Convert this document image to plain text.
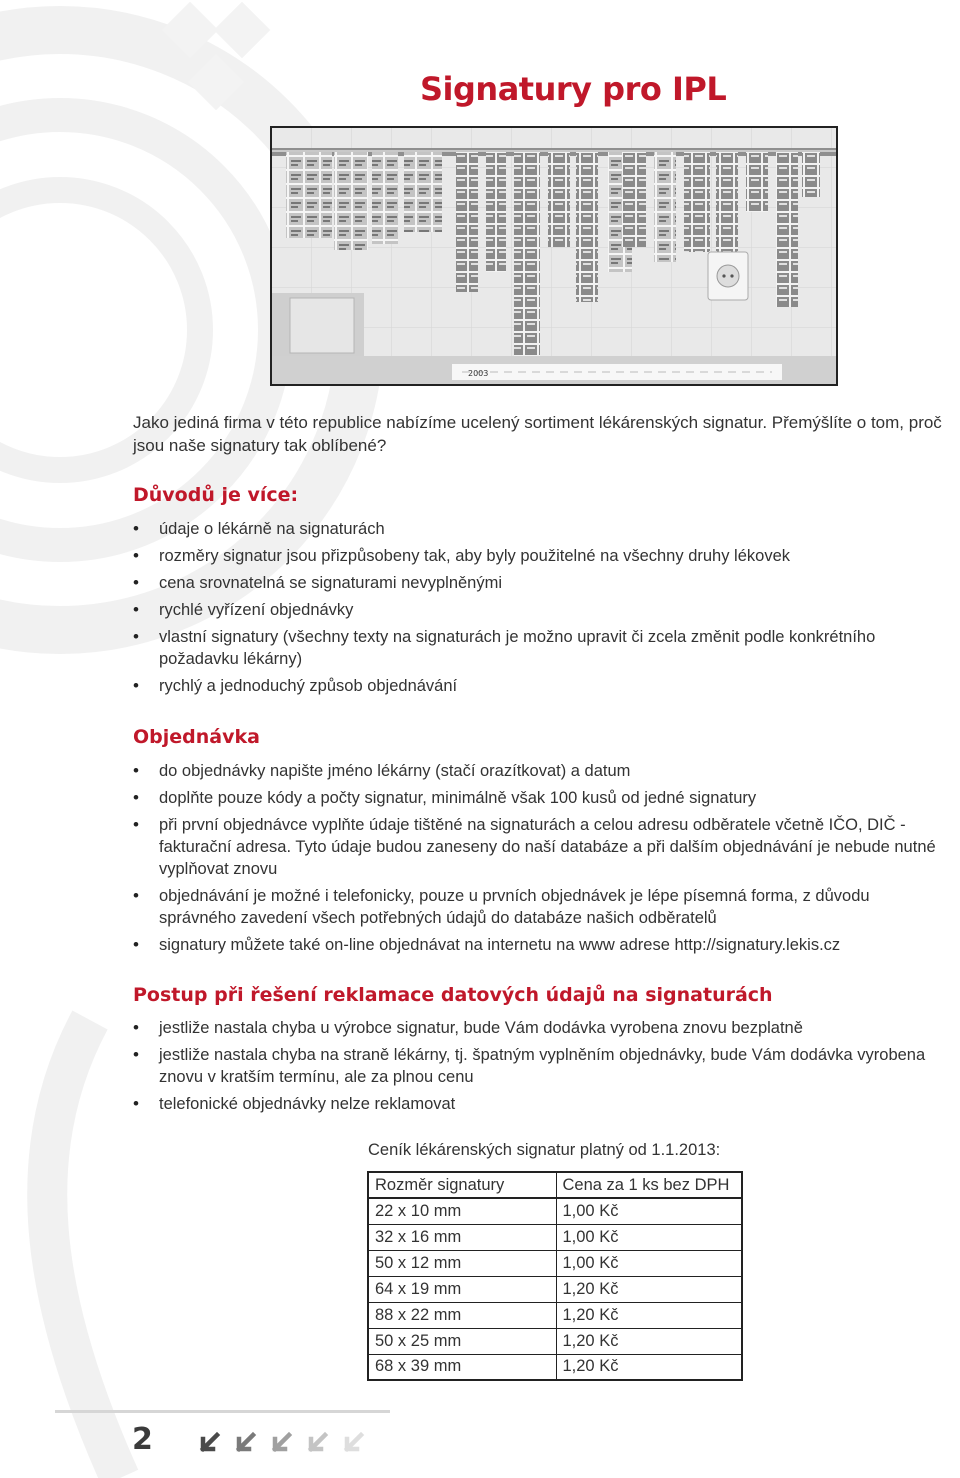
Signatury pro IPL
2003
Jako jediná firma v této republice nabízíme ucelený sortiment lékárenských signatur. Přemýšlíte o tom, proč jsou naše signatury tak oblíbené?
Důvodů je více:
• údaje o lékárně na signaturách
• rozměry signatur jsou přizpůsobeny tak, aby byly použitelné na všechny druhy lékovek
• cena srovnatelná se signaturami nevyplněnými
• rychlé vyřízení objednávky
• vlastní signatury (všechny texty na signaturách je možno upravit či zcela změnit podle konkrétního požadavku lékárny)
• rychlý a jednoduchý způsob objednávání
Objednávka
• do objednávky napište jméno lékárny (stačí orazítkovat) a datum
• doplňte pouze kódy a počty signatur, minimálně však 100 kusů od jedné signatury
• při první objednávce vyplňte údaje tištěné na signaturách a celou adresu odběratele včetně IČO, DIČ - fakturační adresa. Tyto údaje budou zaneseny do naší databáze a při dalším objednávání je nebude nutné vyplňovat znovu
• objednávání je možné i telefonicky, pouze u prvních objednávek je lépe písemná forma, z důvodu správného zavedení všech potřebných údajů do databáze našich odběratelů
• signatury můžete také on-line objednávat na internetu na www adrese http://signatury.lekis.cz
Postup při řešení reklamace datových údajů na signaturách
• jestliže nastala chyba u výrobce signatur, bude Vám dodávka vyrobena znovu bezplatně
• jestliže nastala chyba na straně lékárny, tj. špatným vyplněním objednávky, bude Vám dodávka vyrobena znovu v kratším termínu, ale za plnou cenu
• telefonické objednávky nelze reklamovat
Ceník lékárenských signatur platný od 1.1.2013:
Rozměr signatury	Cena za 1 ks bez DPH
22 x 10 mm	1,00 Kč
32 x 16 mm	1,00 Kč
50 x 12 mm	1,00 Kč
64 x 19 mm	1,20 Kč
88 x 22 mm	1,20 Kč
50 x 25 mm	1,20 Kč
68 x 39 mm	1,20 Kč
2
